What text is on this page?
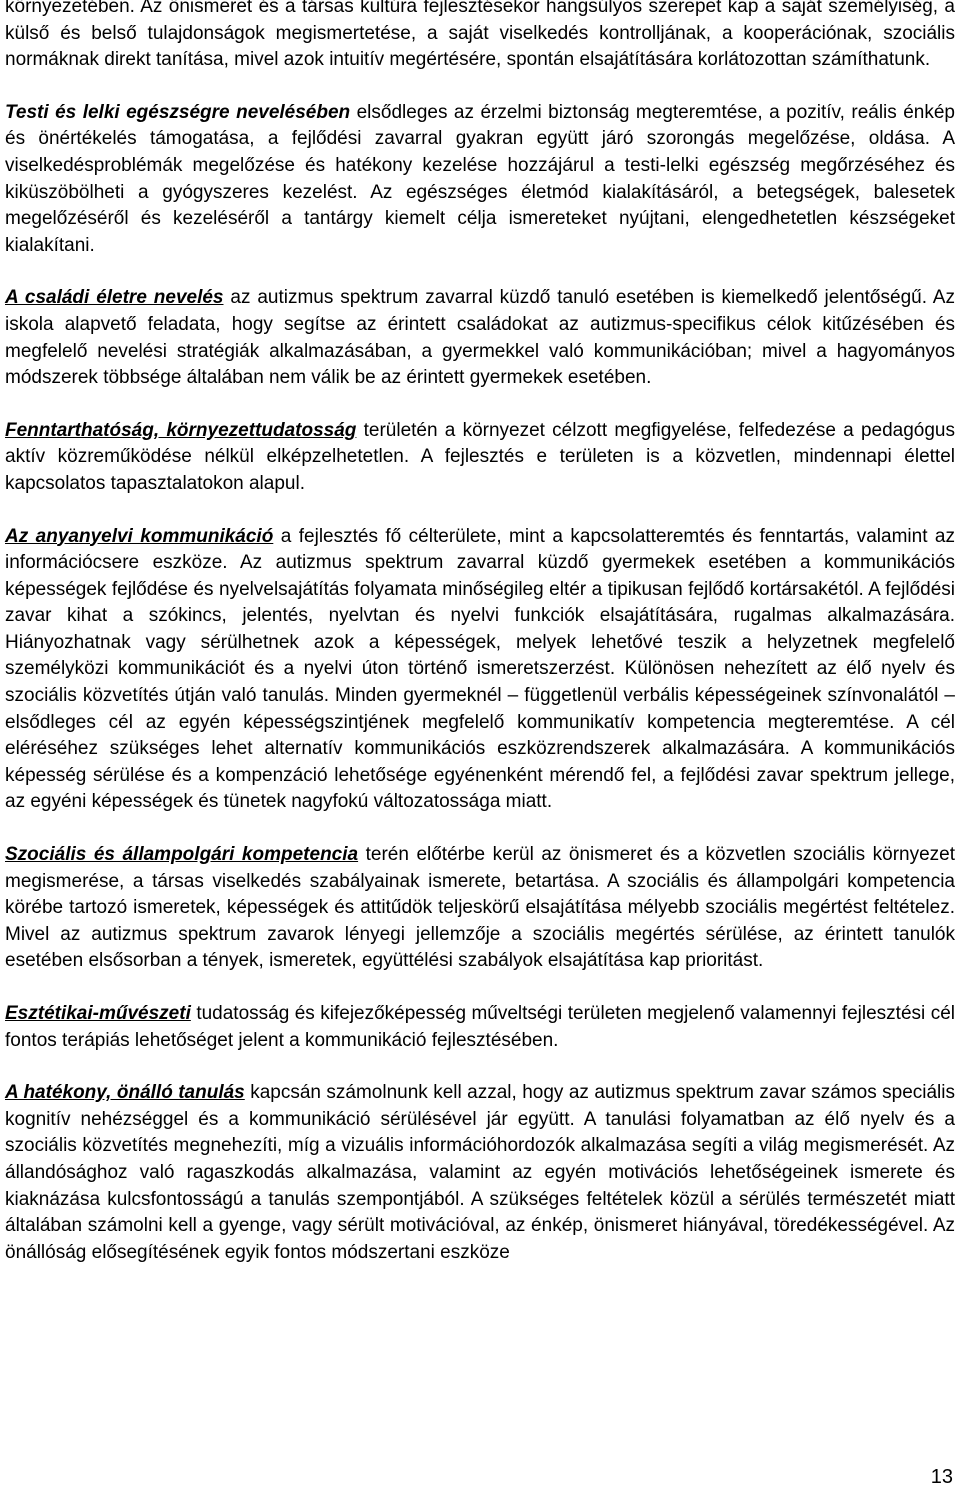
környezetében. Az önismeret és a társas kultúra fejlesztésekor hangsúlyos szerepet kap a saját személyiség, a külső és belső tulajdonságok megismertetése, a saját viselkedés kontrolljának, a kooperációnak, szociális normáknak direkt tanítása, mivel azok intuitív megértésére, spontán elsajátítására korlátozottan számíthatunk.

Testi és lelki egészségre nevelésében elsődleges az érzelmi biztonság megteremtése, a pozitív, reális énkép és önértékelés támogatása, a fejlődési zavarral gyakran együtt járó szorongás megelőzése, oldása. A viselkedésproblémák megelőzése és hatékony kezelése hozzájárul a testi-lelki egészség megőrzéséhez és kiküszöbölheti a gyógyszeres kezelést. Az egészséges életmód kialakításáról, a betegségek, balesetek megelőzéséről és kezeléséről a tantárgy kiemelt célja ismereteket nyújtani, elengedhetetlen készségeket kialakítani.

A családi életre nevelés az autizmus spektrum zavarral küzdő tanuló esetében is kiemelkedő jelentőségű. Az iskola alapvető feladata, hogy segítse az érintett családokat az autizmus-specifikus célok kitűzésében és megfelelő nevelési stratégiák alkalmazásában, a gyermekkel való kommunikációban; mivel a hagyományos módszerek többsége általában nem válik be az érintett gyermekek esetében.

Fenntarthatóság, környezettudatosság területén a környezet célzott megfigyelése, felfedezése a pedagógus aktív közreműködése nélkül elképzelhetetlen. A fejlesztés e területen is a közvetlen, mindennapi élettel kapcsolatos tapasztalatokon alapul.

Az anyanyelvi kommunikáció a fejlesztés fő célterülete, mint a kapcsolatteremtés és fenntartás, valamint az információcsere eszköze. Az autizmus spektrum zavarral küzdő gyermekek esetében a kommunikációs képességek fejlődése és nyelvelsajátítás folyamata minőségileg eltér a tipikusan fejlődő kortársakétól. A fejlődési zavar kihat a szókincs, jelentés, nyelvtan és nyelvi funkciók elsajátítására, rugalmas alkalmazására. Hiányozhatnak vagy sérülhetnek azok a képességek, melyek lehetővé teszik a helyzetnek megfelelő személyközi kommunikációt és a nyelvi úton történő ismeretszerzést. Különösen nehezített az élő nyelv és szociális közvetítés útján való tanulás. Minden gyermeknél – függetlenül verbális képességeinek színvonalától – elsődleges cél az egyén képességszintjének megfelelő kommunikatív kompetencia megteremtése. A cél eléréséhez szükséges lehet alternatív kommunikációs eszközrendszerek alkalmazására. A kommunikációs képesség sérülése és a kompenzáció lehetősége egyénenként mérendő fel, a fejlődési zavar spektrum jellege, az egyéni képességek és tünetek nagyfokú változatossága miatt.

Szociális és állampolgári kompetencia terén előtérbe kerül az önismeret és a közvetlen szociális környezet megismerése, a társas viselkedés szabályainak ismerete, betartása. A szociális és állampolgári kompetencia körébe tartozó ismeretek, képességek és attitűdök teljeskörű elsajátítása mélyebb szociális megértést feltételez. Mivel az autizmus spektrum zavarok lényegi jellemzője a szociális megértés sérülése, az érintett tanulók esetében elsősorban a tények, ismeretek, együttélési szabályok elsajátítása kap prioritást.

Esztétikai-művészeti tudatosság és kifejezőképesség műveltségi területen megjelenő valamennyi fejlesztési cél fontos terápiás lehetőséget jelent a kommunikáció fejlesztésében.

A hatékony, önálló tanulás kapcsán számolnunk kell azzal, hogy az autizmus spektrum zavar számos speciális kognitív nehézséggel és a kommunikáció sérülésével jár együtt. A tanulási folyamatban az élő nyelv és a szociális közvetítés megnehezíti, míg a vizuális információhordozók alkalmazása segíti a világ megismerését. Az állandósághoz való ragaszkodás alkalmazása, valamint az egyén motivációs lehetőségeinek ismerete és kiaknázása kulcsfontosságú a tanulás szempontjából. A szükséges feltételek közül a sérülés természetét miatt általában számolni kell a gyenge, vagy sérült motivációval, az énkép, önismeret hiányával, töredékességével. Az önállóság elősegítésének egyik fontos módszertani eszköze

13
